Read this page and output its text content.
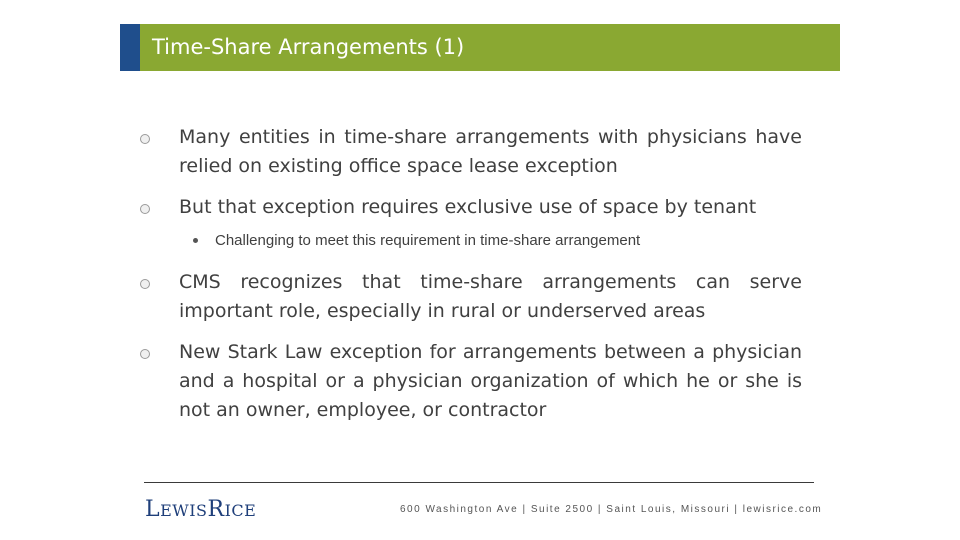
Time-Share Arrangements (1)
Many entities in time-share arrangements with physicians have relied on existing office space lease exception
But that exception requires exclusive use of space by tenant
Challenging to meet this requirement in time-share arrangement
CMS recognizes that time-share arrangements can serve important role, especially in rural or underserved areas
New Stark Law exception for arrangements between a physician and a hospital or a physician organization of which he or she is not an owner, employee, or contractor
LEWISRICE	600 Washington Ave | Suite 2500 | Saint Louis, Missouri | lewisrice.com
